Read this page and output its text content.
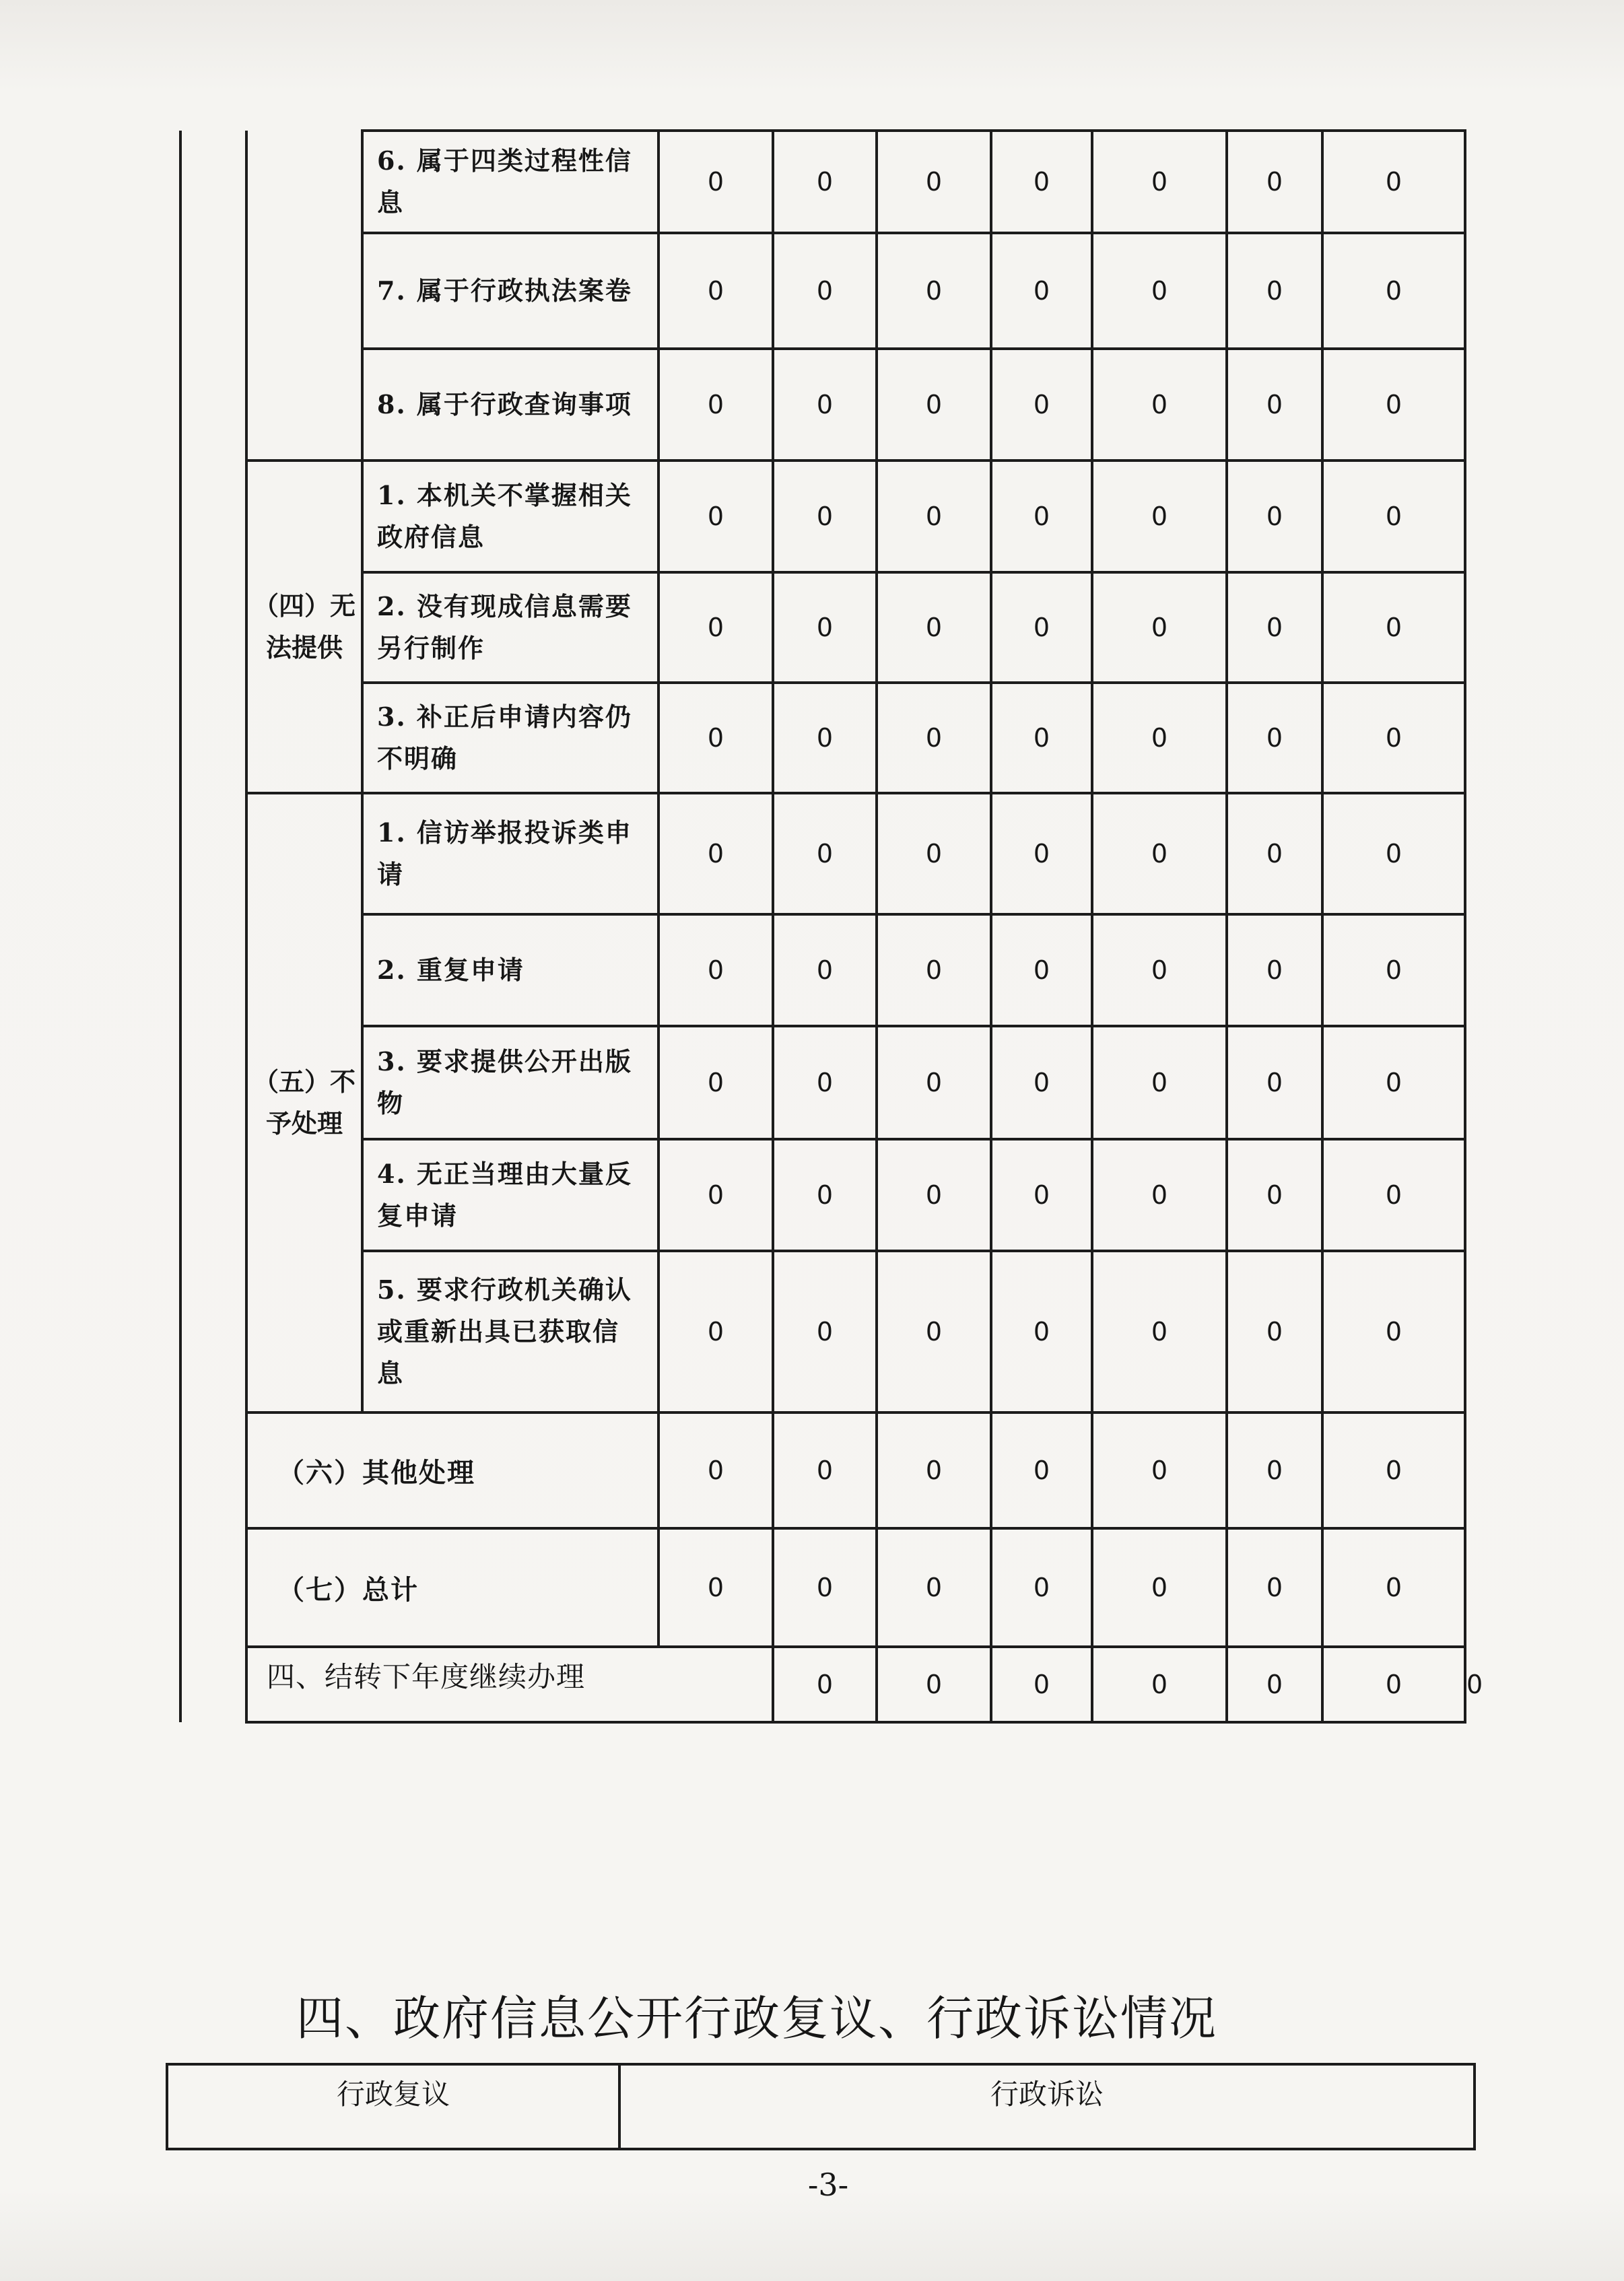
		6. 属于四类过程性信息	0	0	0	0	0	0	0	
		7. 属于行政执法案卷	0	0	0	0	0	0	0	
		8. 属于行政查询事项	0	0	0	0	0	0	0	
	（四）无法提供	1. 本机关不掌握相关政府信息	0	0	0	0	0	0	0	
		2. 没有现成信息需要另行制作	0	0	0	0	0	0	0	
		3. 补正后申请内容仍不明确	0	0	0	0	0	0	0	
	（五）不予处理	1. 信访举报投诉类申请	0	0	0	0	0	0	0	
		2. 重复申请	0	0	0	0	0	0	0	
		3. 要求提供公开出版物	0	0	0	0	0	0	0	
		4. 无正当理由大量反复申请	0	0	0	0	0	0	0	
		5. 要求行政机关确认或重新出具已获取信息	0	0	0	0	0	0	0	
	（六）其他处理		0	0	0	0	0	0	0	
	（七）总计		0	0	0	0	0	0	0	
	四、结转下年度继续办理			0	0	0	0	0	0	0
四、政府信息公开行政复议、行政诉讼情况
行政复议	行政诉讼
-3-
